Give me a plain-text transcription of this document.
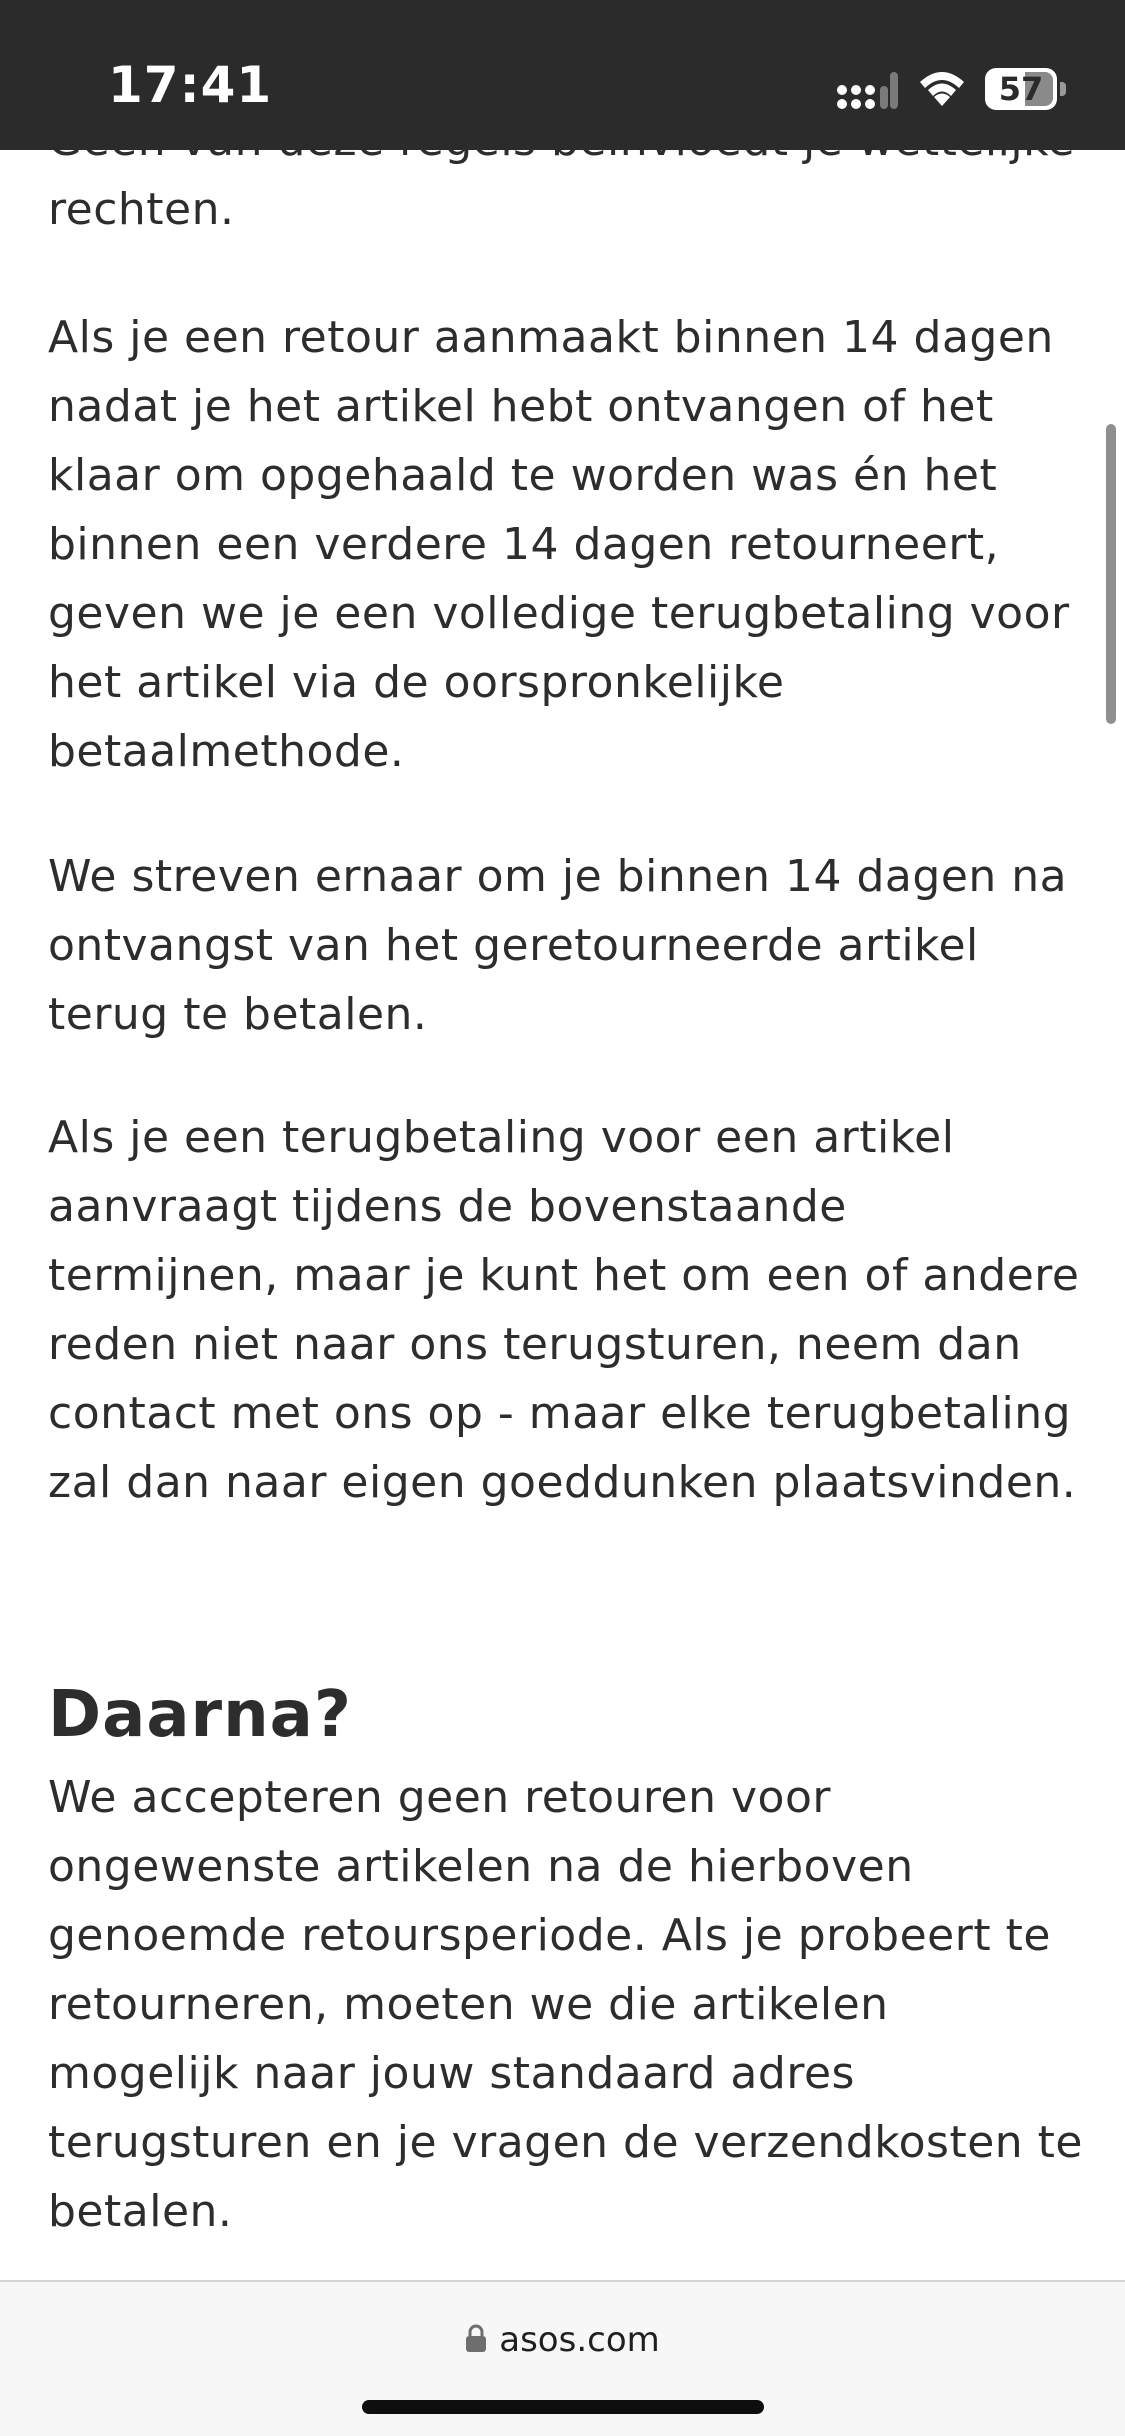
rechten.

Als je een retour aanmaakt binnen 14 dagen nadat je het artikel hebt ontvangen of het klaar om opgehaald te worden was én het binnen een verdere 14 dagen retourneert, geven we je een volledige terugbetaling voor het artikel via de oorspronkelijke betaalmethode.

We streven ernaar om je binnen 14 dagen na ontvangst van het geretourneerde artikel terug te betalen.

Als je een terugbetaling voor een artikel aanvraagt tijdens de bovenstaande termijnen, maar je kunt het om een of andere reden niet naar ons terugsturen, neem dan contact met ons op - maar elke terugbetaling zal dan naar eigen goeddunken plaatsvinden.

Daarna?

We accepteren geen retouren voor ongewenste artikelen na de hierboven genoemde retoursperiode. Als je probeert te retourneren, moeten we die artikelen mogelijk naar jouw standaard adres terugsturen en je vragen de verzendkosten te betalen.

17:41	57
asos.com
